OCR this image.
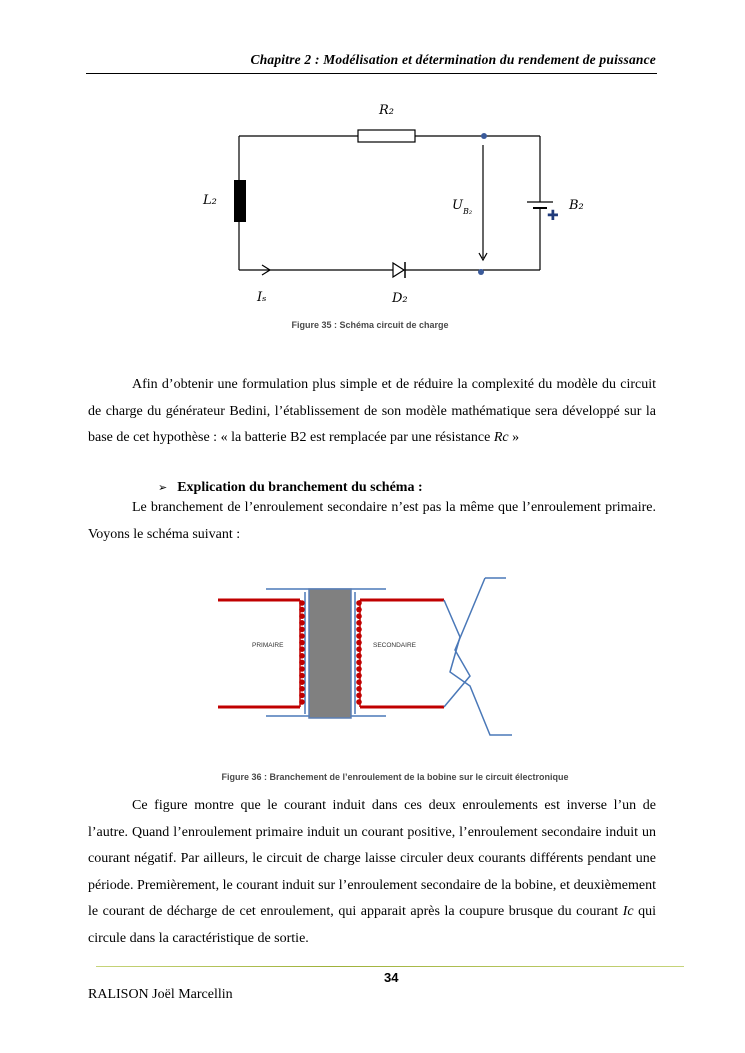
Chapitre 2 : Modélisation et détermination du rendement de puissance
✚
R₂
L₂	U B₂	B₂
Iₛ	D₂
Figure 35 : Schéma circuit de charge

Afin d’obtenir une formulation plus simple et de réduire la complexité du modèle du circuit de charge du générateur Bedini, l’établissement de son modèle mathématique sera développé sur la base de cet hypothèse : « la batterie B2 est remplacée par une résistance Rc »

➢ Explication du branchement du schéma :

Le branchement de l’enroulement secondaire n’est pas la même que l’enroulement primaire. Voyons le schéma suivant :

PRIMAIRE	SECONDAIRE
Figure 36 : Branchement de l’enroulement de la bobine sur le circuit électronique

Ce figure montre que le courant induit dans ces deux enroulements est inverse l’un de l’autre. Quand l’enroulement primaire induit un courant positive, l’enroulement secondaire induit un courant négatif. Par ailleurs, le circuit de charge laisse circuler deux courants différents pendant une période. Premièrement, le courant induit sur l’enroulement secondaire de la bobine, et deuxièmement le courant de décharge de cet enroulement, qui apparait après la coupure brusque du courant Ic qui circule dans la caractéristique de sortie.

34
RALISON Joël Marcellin
